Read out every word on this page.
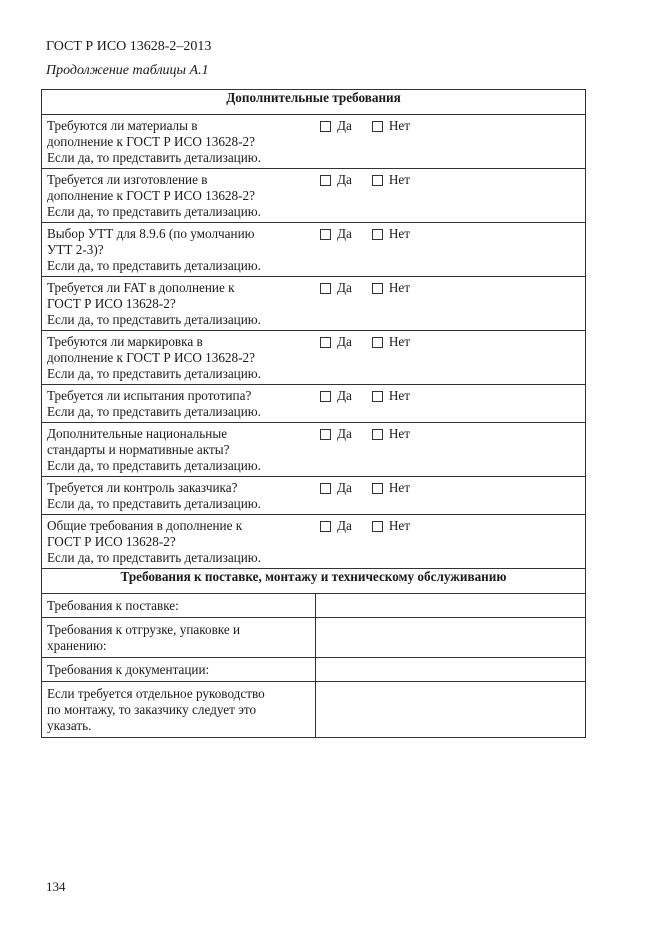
ГОСТ Р ИСО 13628-2–2013
Продолжение таблицы А.1
Дополнительные требования	

Требуются ли материалы в
дополнение к ГОСТ Р ИСО 13628-2?
Да Нет
Если да, то представить детализацию.	

Требуется ли изготовление в
дополнение к ГОСТ Р ИСО 13628-2?
Да Нет
Если да, то представить детализацию.	

Выбор УТТ для 8.9.6 (по умолчанию
УТТ 2-3)?
Да Нет
Если да, то представить детализацию.	

Требуется ли FAT в дополнение к
ГОСТ Р ИСО 13628-2?
Да Нет
Если да, то представить детализацию.	

Требуются ли маркировка в
дополнение к ГОСТ Р ИСО 13628-2?
Да Нет
Если да, то представить детализацию.	

Требуется ли испытания прототипа? Да Нет
Если да, то представить детализацию.	

Дополнительные национальные
стандарты и нормативные акты?
Да Нет
Если да, то представить детализацию.	

Требуется ли контроль заказчика? Да Нет
Если да, то представить детализацию.	

Общие требования в дополнение к
ГОСТ Р ИСО 13628-2?
Да Нет
Если да, то представить детализацию.	

Требования к поставке, монтажу и техническому обслуживанию	

Требования к поставке:	

Требования к отгрузке, упаковке и
хранению:	

Требования к документации:	

Если требуется отдельное руководство
по монтажу, то заказчику следует это
указать.	

134
